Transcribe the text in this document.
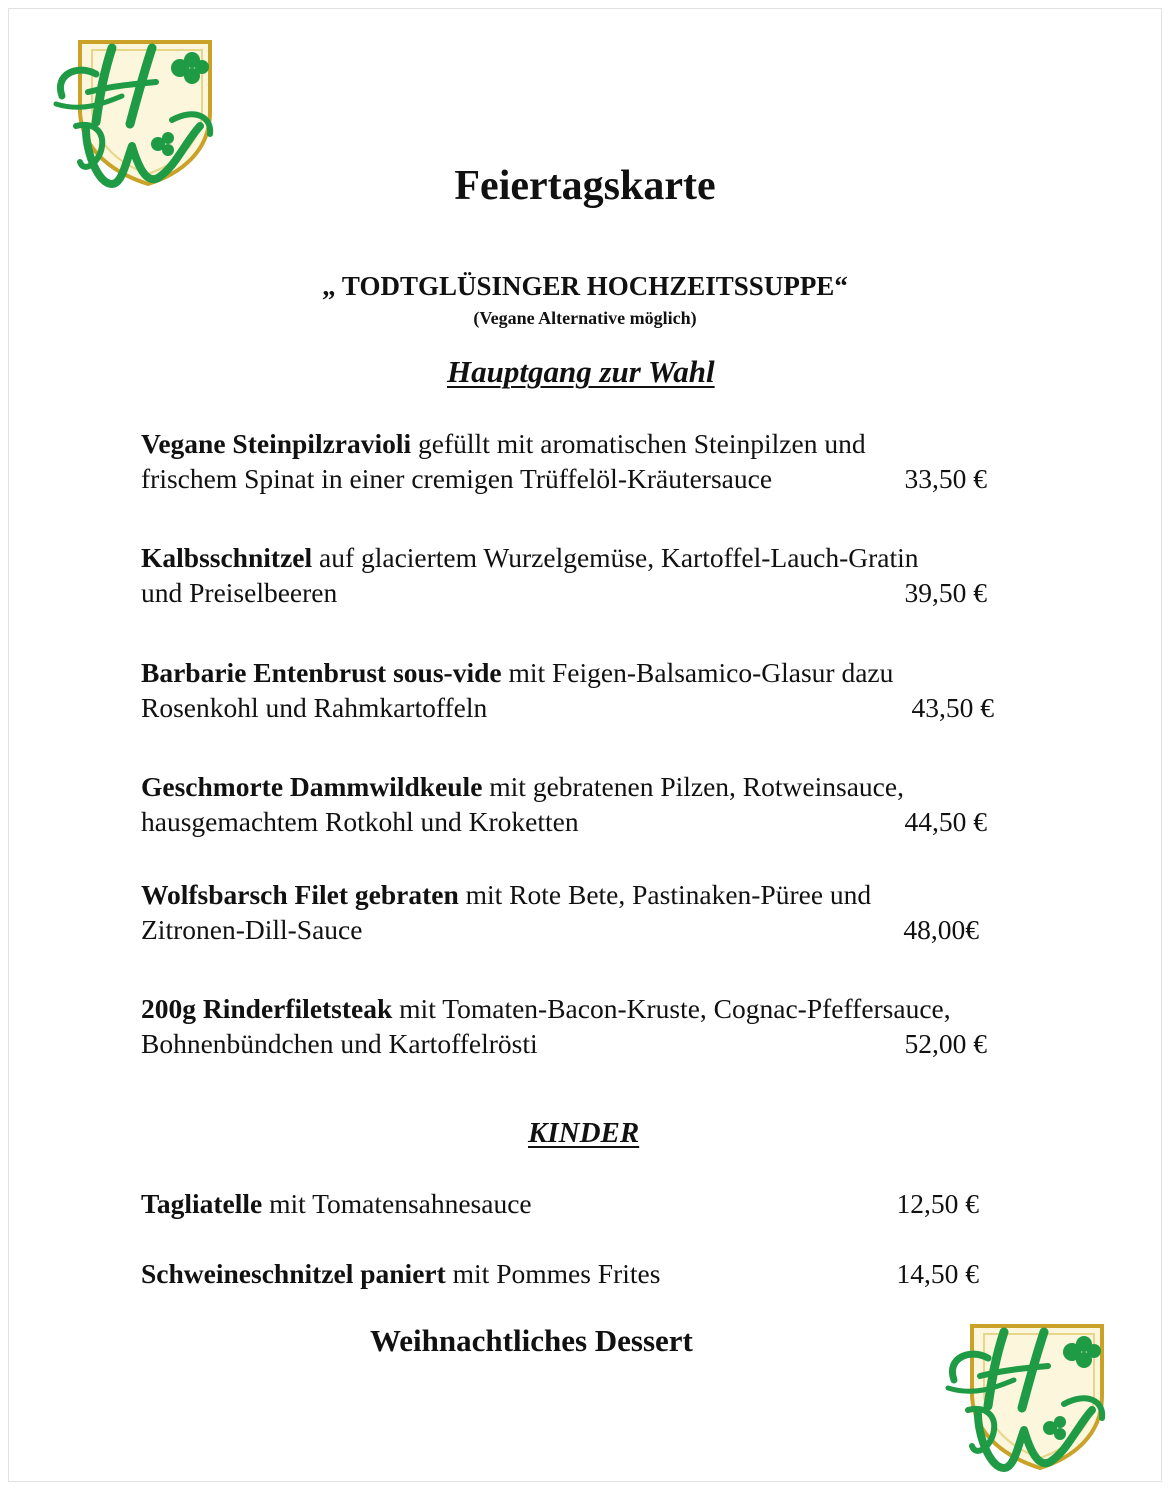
Feiertagskarte
„ TODTGLÜSINGER HOCHZEITSSUPPE“
(Vegane Alternative möglich)
Hauptgang zur Wahl
Vegane Steinpilzravioli gefüllt mit aromatischen Steinpilzen und
frischem Spinat in einer cremigen Trüffelöl-Kräutersauce	33,50 €
Kalbsschnitzel auf glaciertem Wurzelgemüse, Kartoffel-Lauch-Gratin
und Preiselbeeren	39,50 €
Barbarie Entenbrust sous-vide mit Feigen-Balsamico-Glasur dazu
Rosenkohl und Rahmkartoffeln	43,50 €
Geschmorte Dammwildkeule mit gebratenen Pilzen, Rotweinsauce,
hausgemachtem Rotkohl und Kroketten	44,50 €
Wolfsbarsch Filet gebraten mit Rote Bete, Pastinaken-Püree und
Zitronen-Dill-Sauce	48,00€
200g Rinderfiletsteak mit Tomaten-Bacon-Kruste, Cognac-Pfeffersauce,
Bohnenbündchen und Kartoffelrösti	52,00 €
KINDER
Tagliatelle mit Tomatensahnesauce	12,50 €
Schweineschnitzel paniert mit Pommes Frites	14,50 €
Weihnachtliches Dessert
